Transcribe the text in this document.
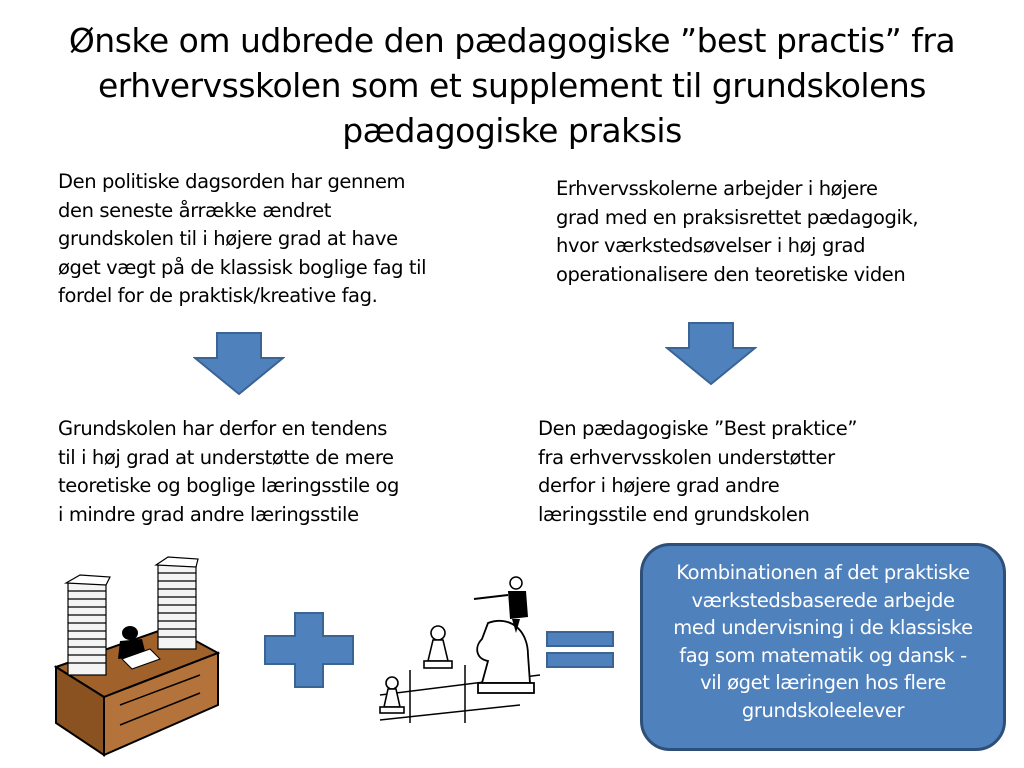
Ønske om udbrede den pædagogiske ”best practis” fra
erhvervsskolen som et supplement til grundskolens
pædagogiske praksis
Den politiske dagsorden har gennem
den seneste årrække ændret
grundskolen til i højere grad at have
øget vægt på de klassisk boglige fag til
fordel for de praktisk/kreative fag.
Erhvervsskolerne arbejder i højere
grad med en praksisrettet pædagogik,
hvor værkstedsøvelser i høj grad
operationalisere den teoretiske viden
Grundskolen har derfor en tendens
til i høj grad at understøtte de mere
teoretiske og boglige læringsstile og
i mindre grad andre læringsstile
Den pædagogiske ”Best praktice”
fra erhvervsskolen understøtter
derfor i højere grad andre
læringsstile end grundskolen
Kombinationen af det praktiske
værkstedsbaserede arbejde
med undervisning i de klassiske
fag som matematik og dansk -
vil øget læringen hos flere
grundskoleelever
